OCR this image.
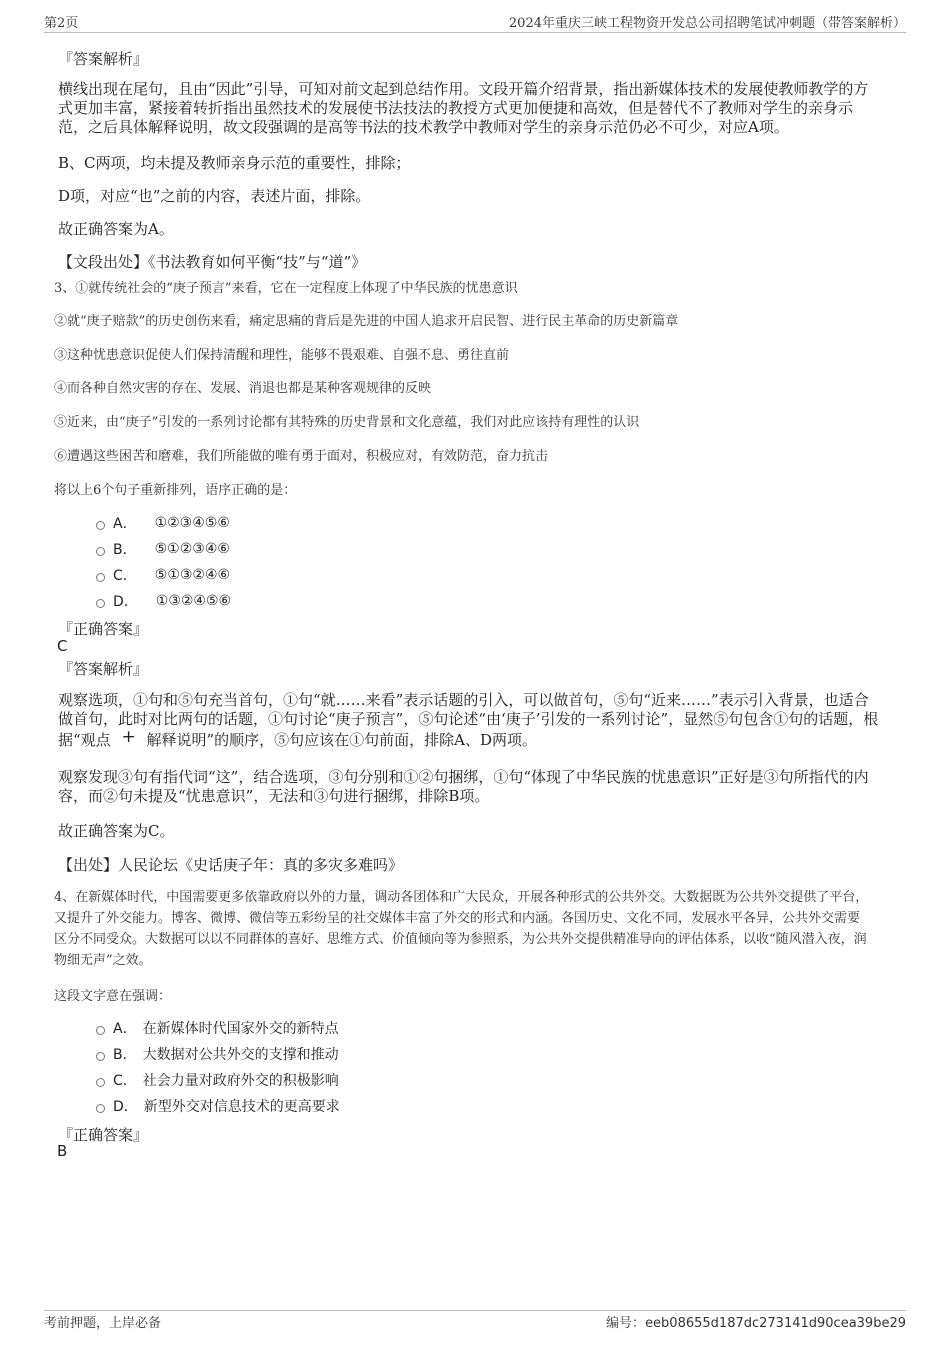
第2页	2024年重庆三峡工程物资开发总公司招聘笔试冲刺题（带答案解析）
『答案解析』
横线出现在尾句，且由“因此”引导，可知对前文起到总结作用。文段开篇介绍背景，指出新媒体技术的发展使教师教学的方
式更加丰富，紧接着转折指出虽然技术的发展使书法技法的教授方式更加便捷和高效，但是替代不了教师对学生的亲身示
范，之后具体解释说明，故文段强调的是高等书法的技术教学中教师对学生的亲身示范仍必不可少，对应A项。
B、C两项，均未提及教师亲身示范的重要性，排除；
D项，对应“也”之前的内容，表述片面，排除。
故正确答案为A。
【文段出处】《书法教育如何平衡“技”与“道”》
3、①就传统社会的“庚子预言”来看，它在一定程度上体现了中华民族的忧患意识
②就“庚子赔款”的历史创伤来看，痛定思痛的背后是先进的中国人追求开启民智、进行民主革命的历史新篇章
③这种忧患意识促使人们保持清醒和理性，能够不畏艰难、自强不息、勇往直前
④而各种自然灾害的存在、发展、消退也都是某种客观规律的反映
⑤近来，由“庚子”引发的一系列讨论都有其特殊的历史背景和文化意蕴，我们对此应该持有理性的认识
⑥遭遇这些困苦和磨难，我们所能做的唯有勇于面对，积极应对，有效防范，奋力抗击
将以上6个句子重新排列，语序正确的是：
A． ①②③④⑤⑥
B． ⑤①②③④⑥
C． ⑤①③②④⑥
D． ①③②④⑤⑥
『正确答案』
C
『答案解析』
观察选项，①句和⑤句充当首句，①句“就……来看”表示话题的引入，可以做首句，⑤句“近来……”表示引入背景，也适合
做首句，此时对比两句的话题，①句讨论“庚子预言”，⑤句论述“由‘庚子’引发的一系列讨论”，显然⑤句包含①句的话题，根
据“观点 + 解释说明”的顺序，⑤句应该在①句前面，排除A、D两项。
观察发现③句有指代词“这”，结合选项，③句分别和①②句捆绑，①句“体现了中华民族的忧患意识”正好是③句所指代的内
容，而②句未提及“忧患意识”，无法和③句进行捆绑，排除B项。
故正确答案为C。
【出处】人民论坛《史话庚子年：真的多灾多难吗》
4、在新媒体时代，中国需要更多依靠政府以外的力量，调动各团体和广大民众，开展各种形式的公共外交。大数据既为公共外交提供了平台，
又提升了外交能力。博客、微博、微信等五彩纷呈的社交媒体丰富了外交的形式和内涵。各国历史、文化不同，发展水平各异，公共外交需要
区分不同受众。大数据可以以不同群体的喜好、思维方式、价值倾向等为参照系，为公共外交提供精准导向的评估体系，以收“随风潜入夜，润
物细无声”之效。
这段文字意在强调：
A． 在新媒体时代国家外交的新特点
B． 大数据对公共外交的支撑和推动
C． 社会力量对政府外交的积极影响
D． 新型外交对信息技术的更高要求
『正确答案』
B
考前押题，上岸必备	编号：eeb08655d187dc273141d90cea39be29
